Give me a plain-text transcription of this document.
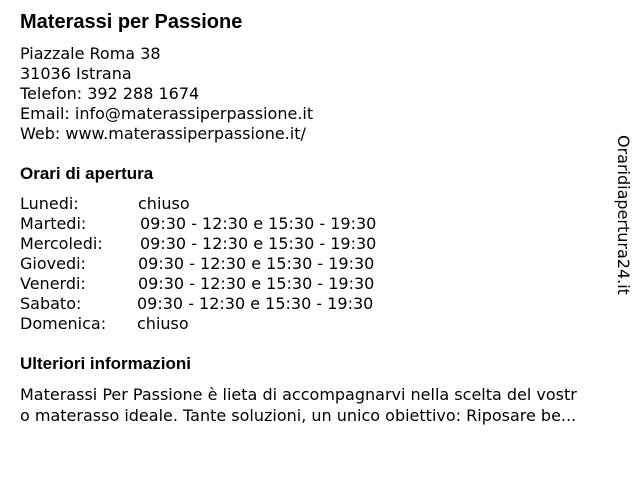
Materassi per Passione
Piazzale Roma 38
31036 Istrana
Telefon: 392 288 1674
Email: info@materassiperpassione.it
Web: www.materassiperpassione.it/
Orari di apertura
Lunedi:	chiuso
Martedi:	09:30 - 12:30 e 15:30 - 19:30
Mercoledi: 09:30 - 12:30 e 15:30 - 19:30
Giovedi:	09:30 - 12:30 e 15:30 - 19:30
Venerdi:	09:30 - 12:30 e 15:30 - 19:30
Sabato:	09:30 - 12:30 e 15:30 - 19:30
Domenica: chiuso
Ulteriori informazioni
Materassi Per Passione è lieta di accompagnarvi nella scelta del vostr
o materasso ideale. Tante soluzioni, un unico obiettivo: Riposare be...
Oraridiapertura24.it
